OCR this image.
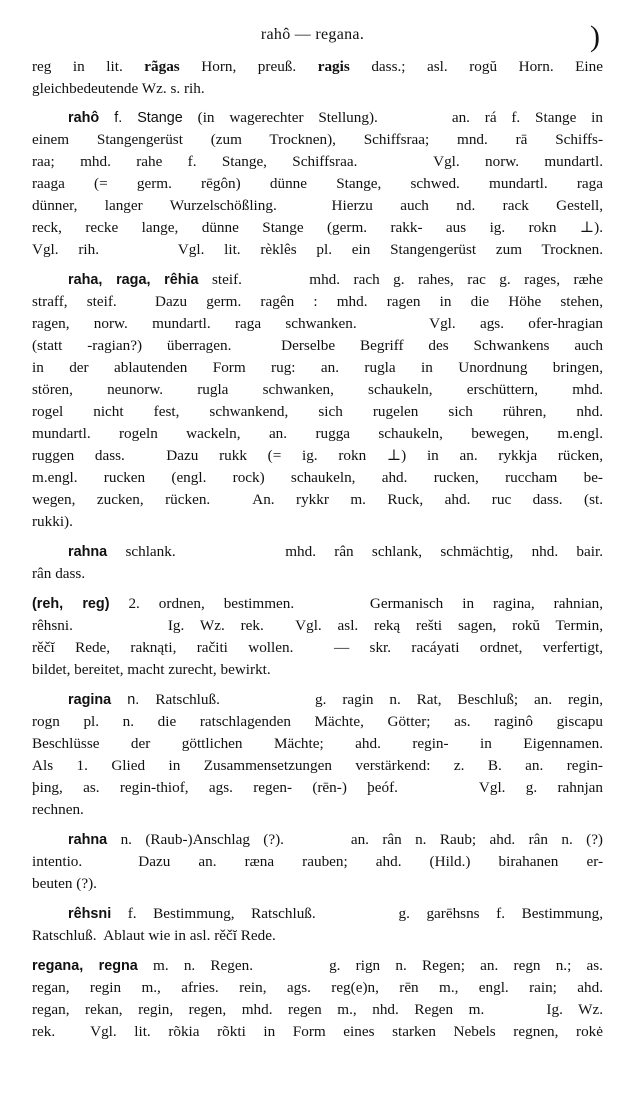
rahô — regana.	)
reg in lit. rãgas Horn, preuß. ragis dass.; asl. rogŭ Horn. Eine
gleichbedeutende Wz. s. rih.
rahô f. Stange (in wagerechter Stellung).     an. rá f. Stange in
einem Stangengerüst (zum Trocknen), Schiffsraa; mnd. rā Schiffs-
raa; mhd. rahe f. Stange, Schiffsraa.   Vgl. norw. mundartl.
raaga (= germ. rēgôn) dünne Stange, schwed. mundartl. raga
dünner, langer Wurzelschößling.  Hierzu auch nd. rack Gestell,
reck, recke lange, dünne Stange (germ. rakk- aus ig. rokn ⊥).
Vgl. rih.    Vgl. lit. rèklês pl. ein Stangengerüst zum Trocknen.
raha, raga, rêhia steif.     mhd. rach g. rahes, rac g. rages, ræhe
straff, steif.  Dazu germ. ragên : mhd. ragen in die Höhe stehen,
ragen, norw. mundartl. raga schwanken.   Vgl. ags. ofer-hragian
(statt -ragian?) überragen.  Derselbe Begriff des Schwankens auch
in der ablautenden Form rug: an. rugla in Unordnung bringen,
stören, neunorw. rugla schwanken, schaukeln, erschüttern, mhd.
rogel nicht fest, schwankend, sich rugelen sich rühren, nhd.
mundartl. rogeln wackeln, an. rugga schaukeln, bewegen, m.engl.
ruggen dass.  Dazu rukk (= ig. rokn ⊥) in an. rykkja rücken,
m.engl. rucken (engl. rock) schaukeln, ahd. rucken, ruccham be-
wegen, zucken, rücken.  An. rykkr m. Ruck, ahd. ruc dass. (st.
rukki).
rahna schlank.      mhd. rân schlank, schmächtig, nhd. bair.
rân dass.
(reh, reg) 2. ordnen, bestimmen.    Germanisch in ragina, rahnian,
rêhsni.      Ig. Wz. rek.  Vgl. asl. reką rešti sagen, rokŭ Termin,
rěčĭ Rede, raknąti, račiti wollen.  — skr. racáyati ordnet, verfertigt,
bildet, bereitet, macht zurecht, bewirkt.
ragina n. Ratschluß.      g. ragin n. Rat, Beschluß; an. regin,
rogn pl. n. die ratschlagenden Mächte, Götter; as. raginô giscapu
Beschlüsse der göttlichen Mächte; ahd. regin- in Eigennamen.
Als 1. Glied in Zusammensetzungen verstärkend: z. B. an. regin-
þing, as. regin-thiof, ags. regen- (rēn-) þeóf.    Vgl. g. rahnjan
rechnen.
rahna n. (Raub-)Anschlag (?).     an. rân n. Raub; ahd. rân n. (?)
intentio.  Dazu an. ræna rauben; ahd. (Hild.) birahanen er-
beuten (?).
rêhsni f. Bestimmung, Ratschluß.     g. garēhsns f. Bestimmung,
Ratschluß.  Ablaut wie in asl. rěčĭ Rede.
regana, regna m. n. Regen.     g. rign n. Regen; an. regn n.; as.
regan, regin m., afries. rein, ags. reg(e)n, rēn m., engl. rain; ahd.
regan, rekan, regin, regen, mhd. regen m., nhd. Regen m.    Ig. Wz.
rek.  Vgl. lit. rõkia rõkti in Form eines starken Nebels regnen, rokė
